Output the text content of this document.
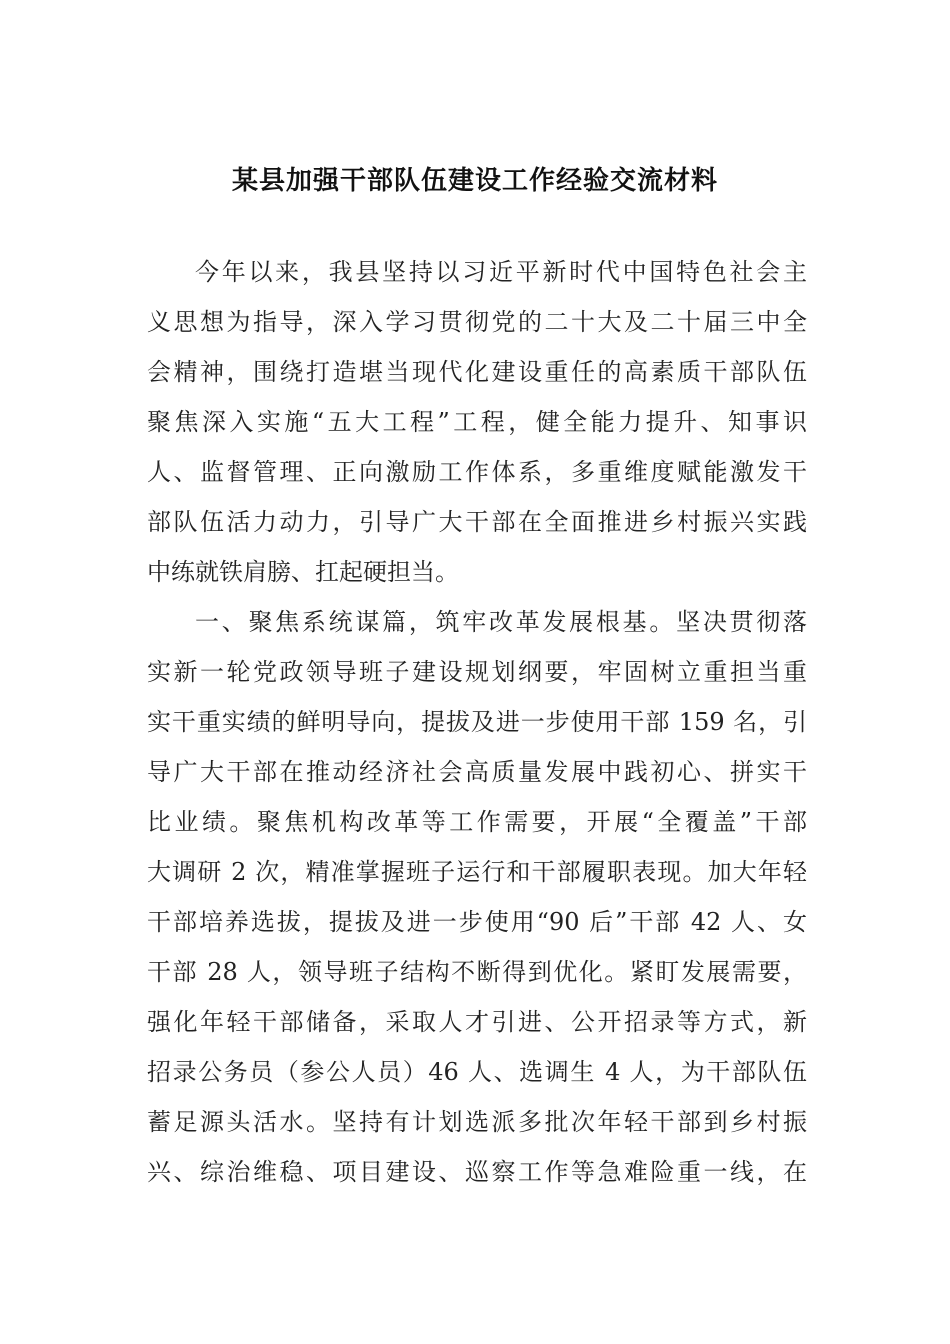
某县加强干部队伍建设工作经验交流材料
今年以来，我县坚持以习近平新时代中国特色社会主
义思想为指导，深入学习贯彻党的二十大及二十届三中全
会精神，围绕打造堪当现代化建设重任的高素质干部队伍
聚焦深入实施“五大工程”工程，健全能力提升、知事识
人、监督管理、正向激励工作体系，多重维度赋能激发干
部队伍活力动力，引导广大干部在全面推进乡村振兴实践
中练就铁肩膀、扛起硬担当。
一、聚焦系统谋篇，筑牢改革发展根基。坚决贯彻落
实新一轮党政领导班子建设规划纲要，牢固树立重担当重
实干重实绩的鲜明导向，提拔及进一步使用干部 159 名，引
导广大干部在推动经济社会高质量发展中践初心、拼实干
比业绩。聚焦机构改革等工作需要，开展“全覆盖”干部
大调研 2 次，精准掌握班子运行和干部履职表现。加大年轻
干部培养选拔，提拔及进一步使用“90 后”干部 42 人、女
干部 28 人，领导班子结构不断得到优化。紧盯发展需要，
强化年轻干部储备，采取人才引进、公开招录等方式，新
招录公务员（参公人员）46 人、选调生 4 人，为干部队伍
蓄足源头活水。坚持有计划选派多批次年轻干部到乡村振
兴、综治维稳、项目建设、巡察工作等急难险重一线，在
